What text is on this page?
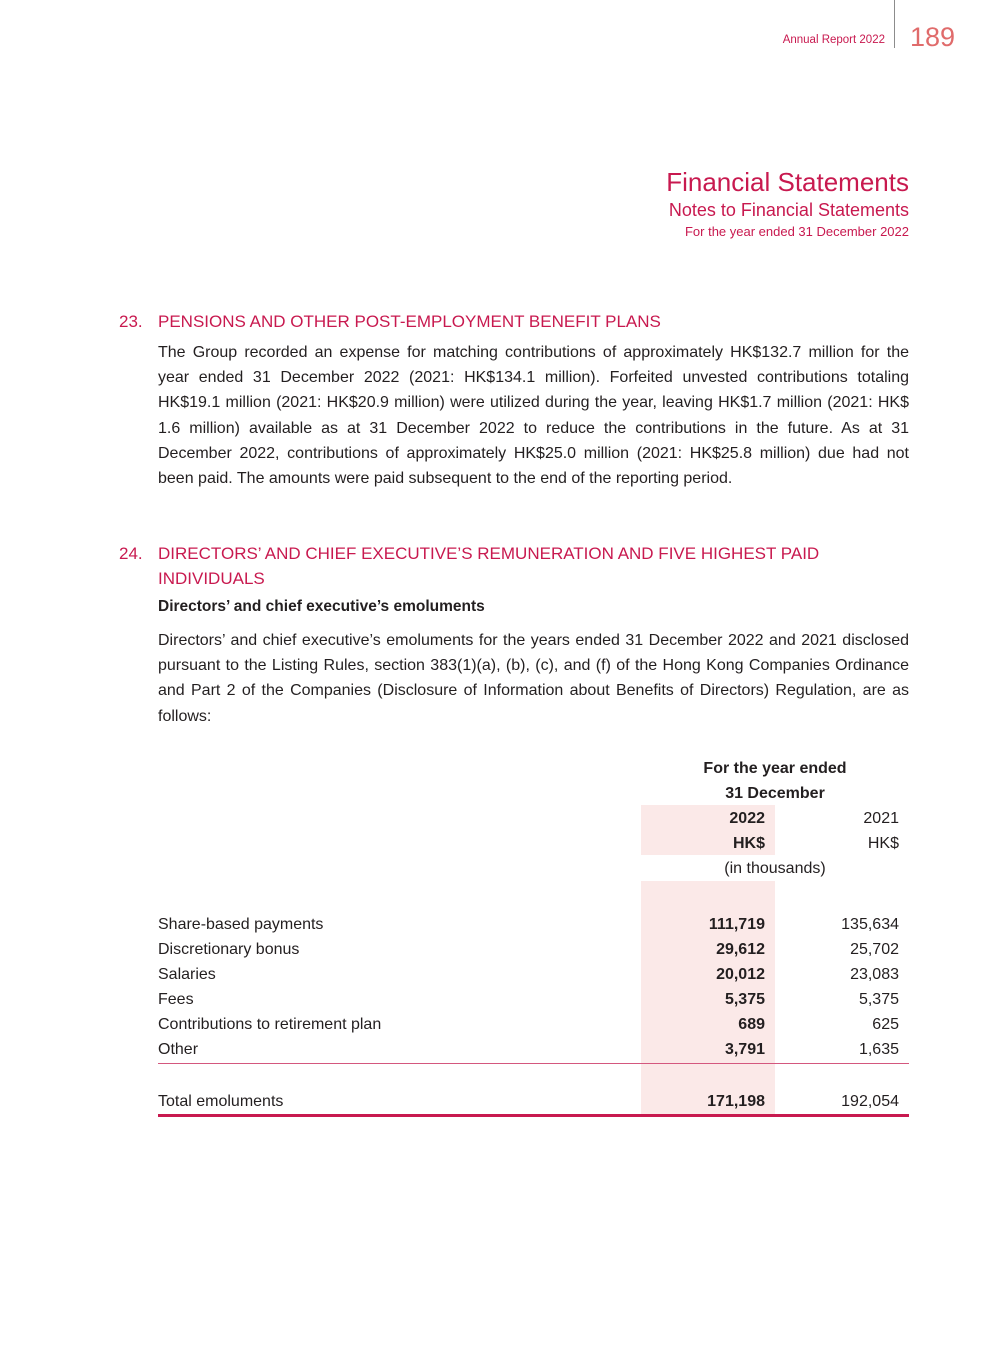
Annual Report 2022 189
Financial Statements
Notes to Financial Statements
For the year ended 31 December 2022
23. PENSIONS AND OTHER POST-EMPLOYMENT BENEFIT PLANS
The Group recorded an expense for matching contributions of approximately HK$132.7 million for the year ended 31 December 2022 (2021: HK$134.1 million). Forfeited unvested contributions totaling HK$19.1 million (2021: HK$20.9 million) were utilized during the year, leaving HK$1.7 million (2021: HK$ 1.6 million) available as at 31 December 2022 to reduce the contributions in the future. As at 31 December 2022, contributions of approximately HK$25.0 million (2021: HK$25.8 million) due had not been paid. The amounts were paid subsequent to the end of the reporting period.
24. DIRECTORS’ AND CHIEF EXECUTIVE’S REMUNERATION AND FIVE HIGHEST PAID INDIVIDUALS
Directors’ and chief executive’s emoluments
Directors’ and chief executive’s emoluments for the years ended 31 December 2022 and 2021 disclosed pursuant to the Listing Rules, section 383(1)(a), (b), (c), and (f) of the Hong Kong Companies Ordinance and Part 2 of the Companies (Disclosure of Information about Benefits of Directors) Regulation, are as follows:
For the year ended
31 December
2022	2021
HK$	HK$
(in thousands)
Share-based payments	111,719	135,634
Discretionary bonus	29,612	25,702
Salaries	20,012	23,083
Fees	5,375	5,375
Contributions to retirement plan	689	625
Other	3,791	1,635
Total emoluments	171,198	192,054
